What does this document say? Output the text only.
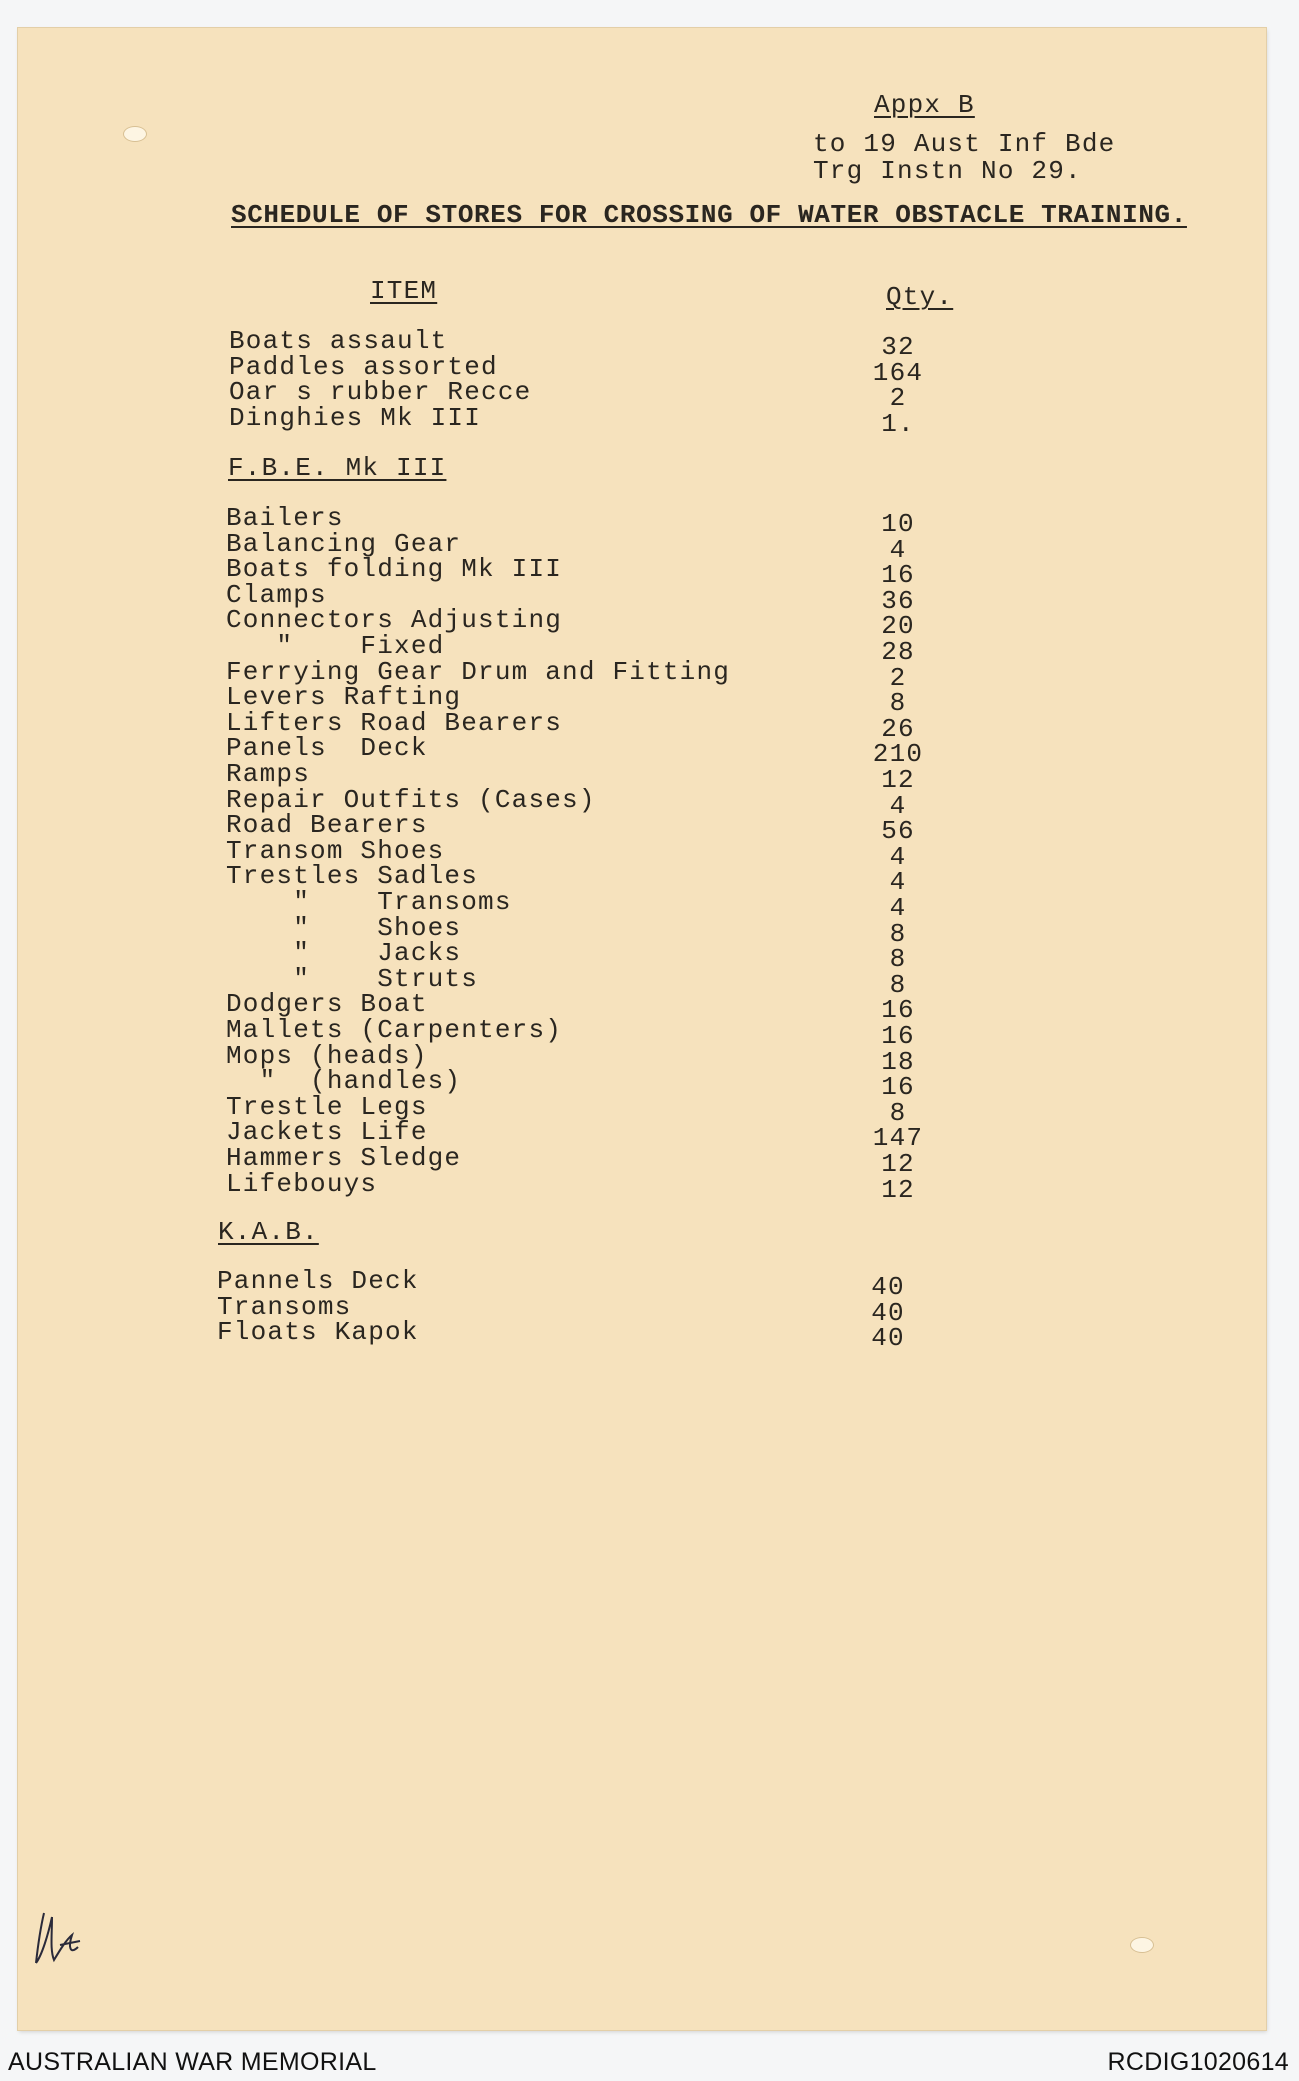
Appx B
to 19 Aust Inf Bde
Trg Instn No 29.
SCHEDULE OF STORES FOR CROSSING OF WATER OBSTACLE TRAINING.
ITEM	Qty.
Boats assault	32
Paddles assorted	164
Oar s rubber Recce	2
Dinghies Mk III	1.
F.B.E. Mk III
Bailers	10
Balancing Gear	4
Boats folding Mk III	16
Clamps	36
Connectors Adjusting	20
"    Fixed	28
Ferrying Gear Drum and Fitting	2
Levers Rafting	8
Lifters Road Bearers	26
Panels  Deck	210
Ramps	12
Repair Outfits (Cases)	4
Road Bearers	56
Transom Shoes	4
Trestles Sadles	4
"    Transoms	4
"    Shoes	8
"    Jacks	8
"    Struts	8
Dodgers Boat	16
Mallets (Carpenters)	16
Mops (heads)	18
"  (handles)	16
Trestle Legs	8
Jackets Life	147
Hammers Sledge	12
Lifebouys	12
K.A.B.
Pannels Deck	40
Transoms	40
Floats Kapok	40
AUSTRALIAN WAR MEMORIAL	RCDIG1020614
